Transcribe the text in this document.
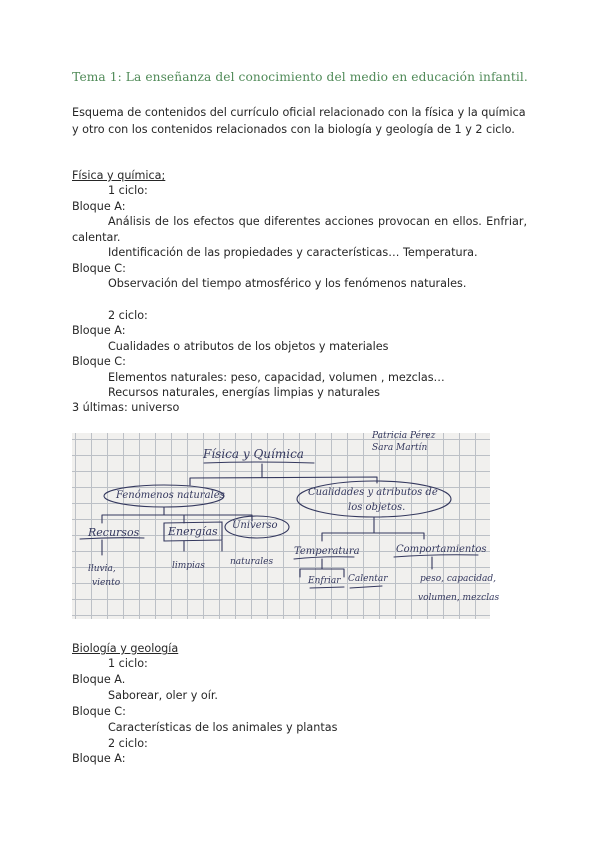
Tema 1: La enseñanza del conocimiento del medio en educación infantil.
Esquema de contenidos del currículo oficial relacionado con la física y la química
y otro con los contenidos relacionados con la biología y geología de 1 y 2 ciclo.
Física y química;
1 ciclo:
Bloque A:
Análisis de los efectos que diferentes acciones provocan en ellos. Enfriar,
calentar.
Identificación de las propiedades y características… Temperatura.
Bloque C:
Observación del tiempo atmosférico y los fenómenos naturales.
2 ciclo:
Bloque A:
Cualidades o atributos de los objetos y materiales
Bloque C:
Elementos naturales: peso, capacidad, volumen , mezclas…
Recursos naturales, energías limpias y naturales
3 últimas: universo
Física y Química
Patricia Pérez
Sara Martín
Fenómenos naturales	Cualidades y atributos de
los objetos.
Recursos	Energías Universo
Temperatura	Comportamientos
lluvia,
viento
limpias	naturales
Enfriar Calentar	peso, capacidad,
volumen, mezclas
Biología y geología
1 ciclo:
Bloque A.
Saborear, oler y oír.
Bloque C:
Características de los animales y plantas
2 ciclo:
Bloque A:
